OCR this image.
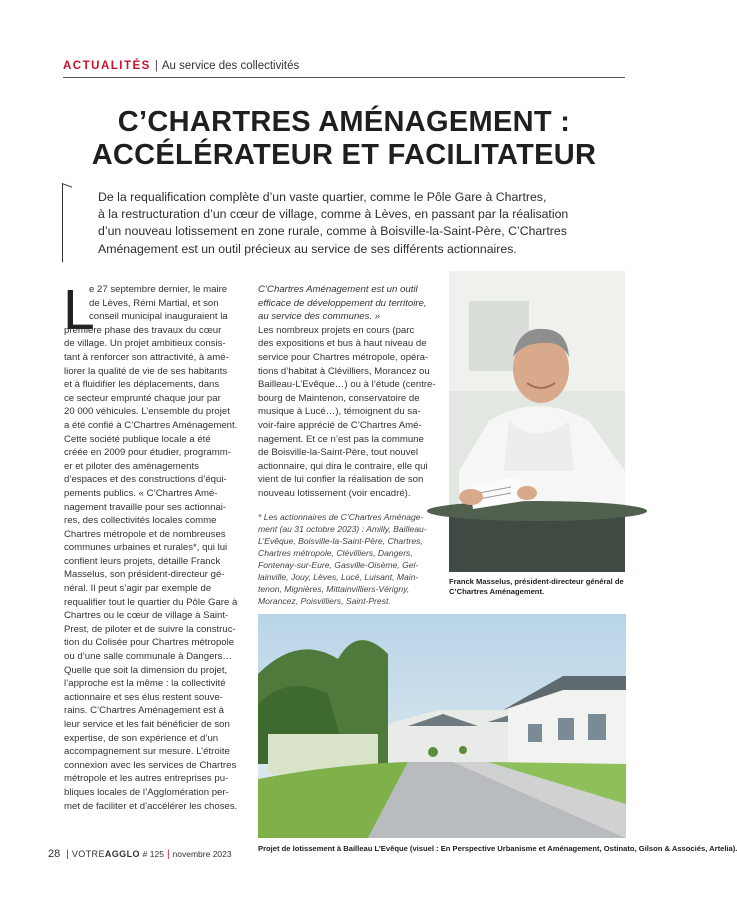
ACTUALITÉS | Au service des collectivités
C’CHARTRES AMÉNAGEMENT :
ACCÉLÉRATEUR ET FACILITATEUR
De la requalification complète d’un vaste quartier, comme le Pôle Gare à Chartres,
à la restructuration d’un cœur de village, comme à Lèves, en passant par la réalisation
d’un nouveau lotissement en zone rurale, comme à Boisville-la-Saint-Père, C’Chartres
Aménagement est un outil précieux au service de ses différents actionnaires.
L
e 27 septembre dernier, le maire
de Lèves, Rémi Martial, et son
conseil municipal inauguraient la
première phase des travaux du cœur
de village. Un projet ambitieux consis-
tant à renforcer son attractivité, à amé-
liorer la qualité de vie de ses habitants
et à fluidifier les déplacements, dans
ce secteur emprunté chaque jour par
20 000 véhicules. L’ensemble du projet
a été confié à C’Chartres Aménagement.
Cette société publique locale a été
créée en 2009 pour étudier, programm-
er et piloter des aménagements
d’espaces et des constructions d’équi-
pements publics. « C’Chartres Amé-
nagement travaille pour ses actionnai-
res, des collectivités locales comme
Chartres métropole et de nombreuses
communes urbaines et rurales*, qui lui
confient leurs projets, détaille Franck
Masselus, son président-directeur gé-
néral. Il peut s’agir par exemple de
requalifier tout le quartier du Pôle Gare à
Chartres ou le cœur de village à Saint-
Prest, de piloter et de suivre la construc-
tion du Colisée pour Chartres métropole
ou d’une salle communale à Dangers…
Quelle que soit la dimension du projet,
l’approche est la même : la collectivité
actionnaire et ses élus restent souve-
rains. C’Chartres Aménagement est à
leur service et les fait bénéficier de son
expertise, de son expérience et d’un
accompagnement sur mesure. L’étroite
connexion avec les services de Chartres
métropole et les autres entreprises pu-
bliques locales de l’Agglomération per-
met de faciliter et d’accélérer les choses.
C’Chartres Aménagement est un outil
efficace de développement du territoire,
au service des communes. »
Les nombreux projets en cours (parc
des expositions et bus à haut niveau de
service pour Chartres métropole, opéra-
tions d’habitat à Clévilliers, Morancez ou
Bailleau-L’Evêque…) ou à l’étude (centre-
bourg de Maintenon, conservatoire de
musique à Lucé…), témoignent du sa-
voir-faire apprécié de C’Chartres Amé-
nagement. Et ce n’est pas la commune
de Boisville-la-Saint-Père, tout nouvel
actionnaire, qui dira le contraire, elle qui
vient de lui confier la réalisation de son
nouveau lotissement (voir encadré).
* Les actionnaires de C’Chartres Aménage-
ment (au 31 octobre 2023) : Amilly, Bailleau-
L’Evêque, Boisville-la-Saint-Père, Chartres,
Chartres métropole, Clévilliers, Dangers,
Fontenay-sur-Eure, Gasville-Oisème, Gel-
lainville, Jouy, Lèves, Lucé, Luisant, Main-
tenon, Mignières, Mittainvilliers-Vérigny,
Morancez, Poisvilliers, Saint-Prest.
Franck Masselus, président-directeur général de C’Chartres Aménagement.
Projet de lotissement à Bailleau L’Evêque (visuel : En Perspective Urbanisme et Aménagement, Ostinato, Gilson & Associés, Artelia).
28 | VOTREAGGLO # 125 | novembre 2023
